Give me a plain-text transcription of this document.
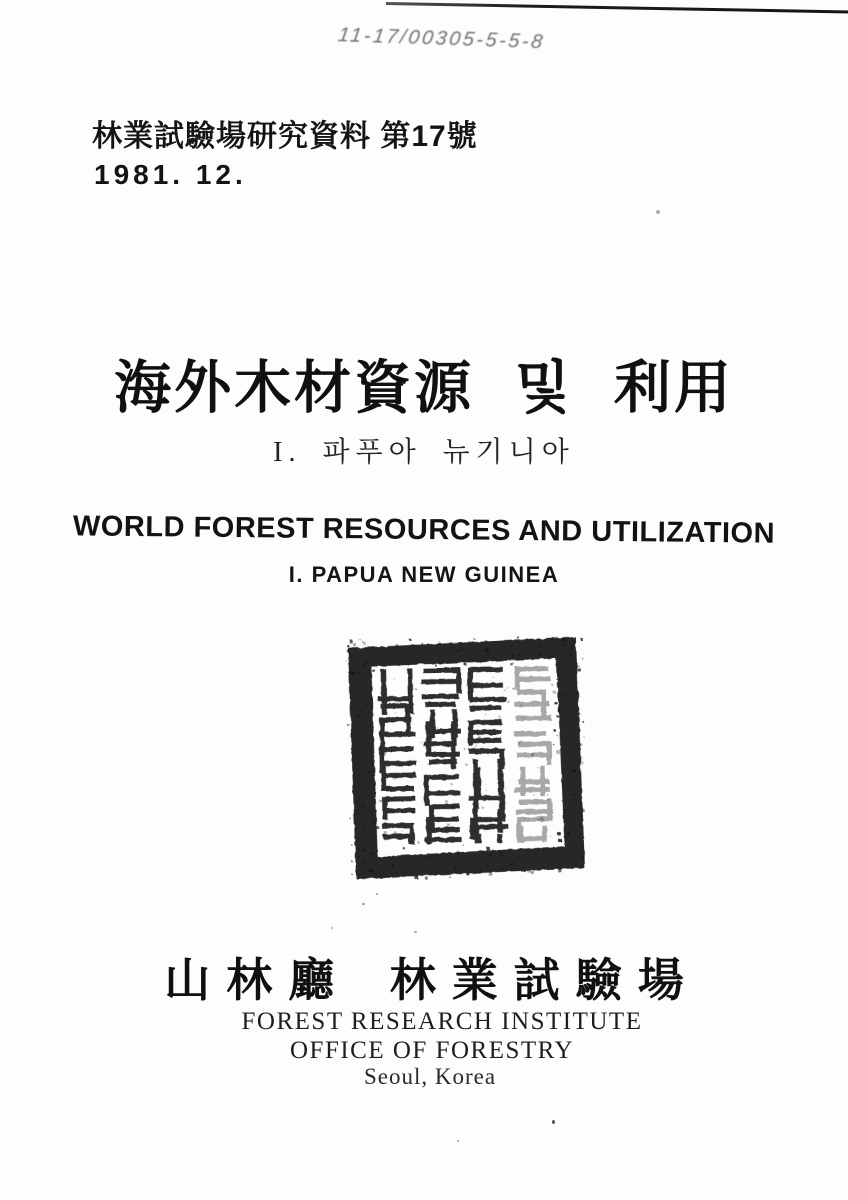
11-17/00305-5-5-8
林業試驗場研究資料 第17號
1981. 12.
海外木材資源 및 利用
I. 파푸아 뉴기니아
WORLD FOREST RESOURCES AND UTILIZATION
I. PAPUA NEW GUINEA
山林廳 林業試驗場
FOREST RESEARCH INSTITUTE
OFFICE OF FORESTRY
Seoul, Korea
